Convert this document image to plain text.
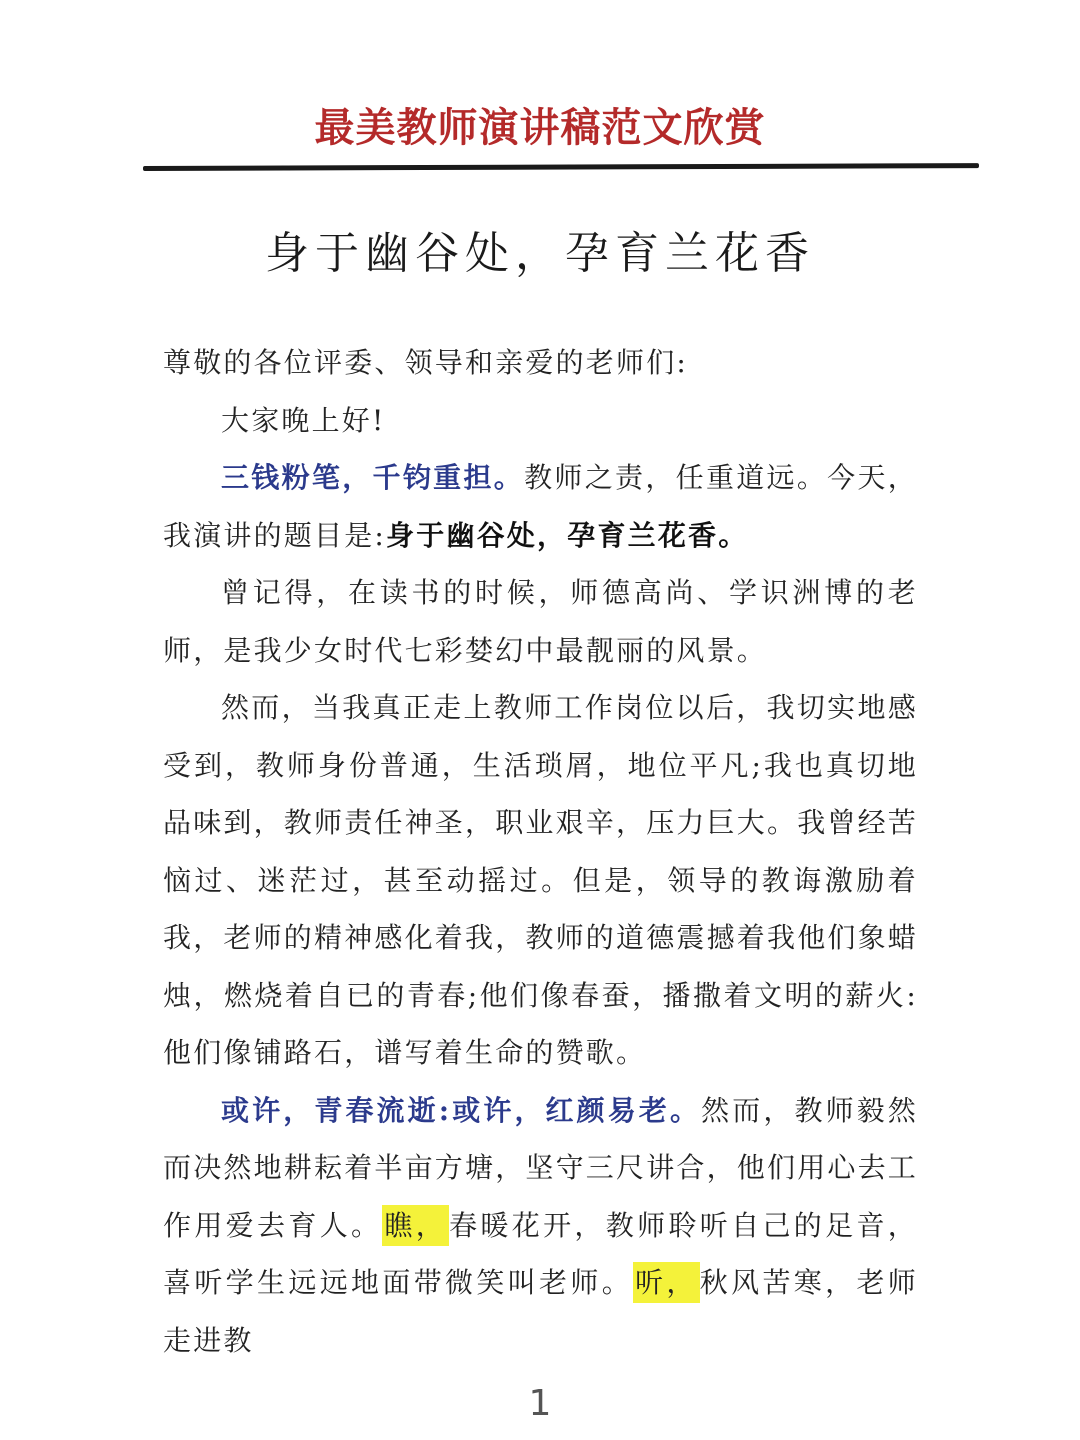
最美教师演讲稿范文欣赏
身于幽谷处，孕育兰花香

尊敬的各位评委、领导和亲爱的老师们:

大家晚上好!

三钱粉笔，千钧重担。教师之责，任重道远。今天，我演讲的题目是:身于幽谷处，孕育兰花香。

曾记得，在读书的时候，师德高尚、学识洲博的老师，是我少女时代七彩婪幻中最靓丽的风景。

然而，当我真正走上教师工作岗位以后，我切实地感受到，教师身份普通，生活琐屑，地位平凡;我也真切地品味到，教师责任神圣，职业艰辛，压力巨大。我曾经苦恼过、迷茫过，甚至动摇过。但是，领导的教诲激励着我，老师的精神感化着我，教师的道德震撼着我他们象蜡烛，燃烧着自已的青春;他们像春蚕，播撒着文明的薪火:他们像铺路石，谱写着生命的赞歌。

或许，青春流逝:或许，红颜易老。然而，教师毅然而决然地耕耘着半亩方塘，坚守三尺讲合，他们用心去工作用爱去育人。瞧，春暖花开，教师聆听自己的足音，喜听学生远远地面带微笑叫老师。听，秋风苦寒，老师走进教

1
